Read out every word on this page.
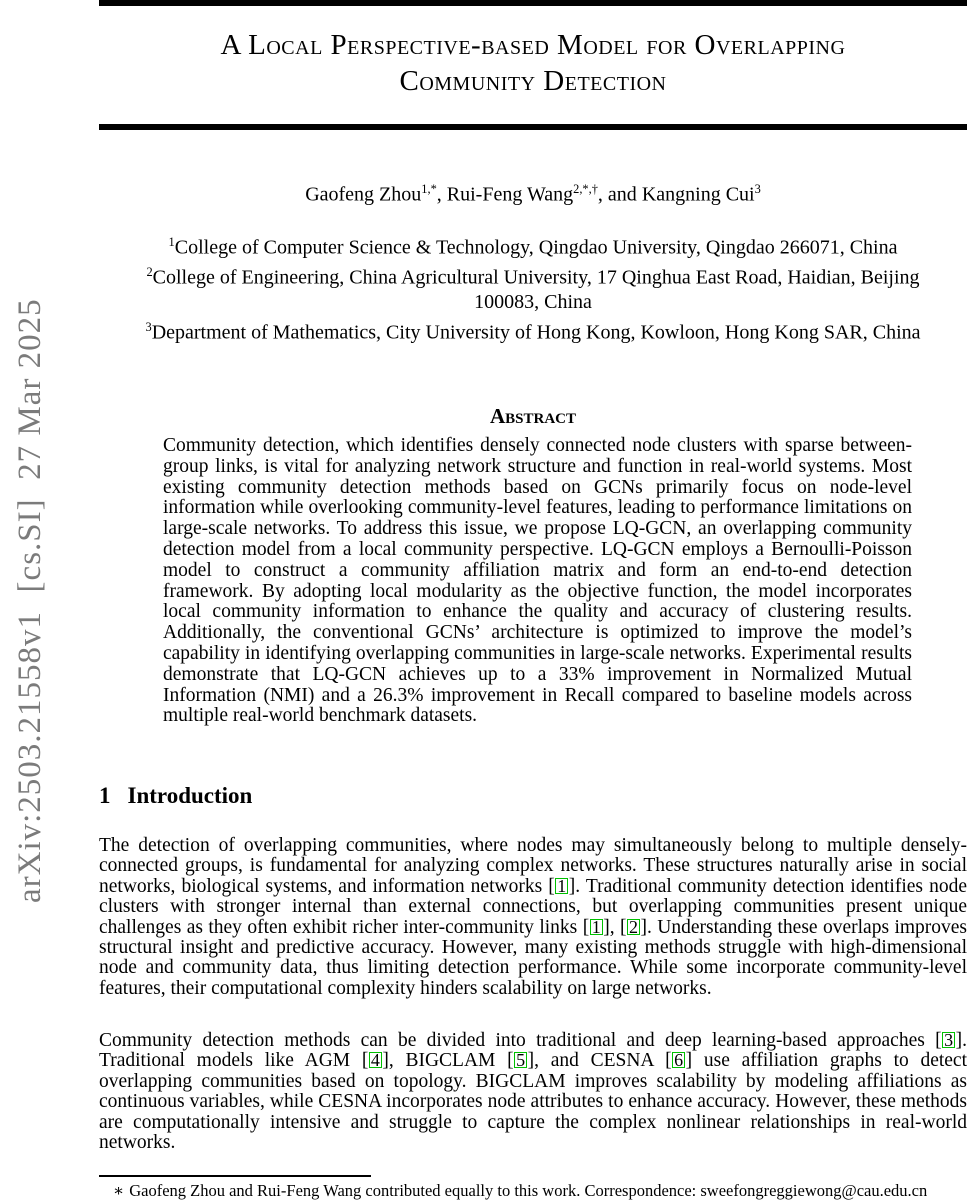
arXiv:2503.21558v1  [cs.SI]  27 Mar 2025
A Local Perspective-based Model for Overlapping
Community Detection
Gaofeng Zhou$^{1,*}$, Rui-Feng Wang$^{2,*,\dagger}$, and Kangning Cui$^3$
$^1$College of Computer Science & Technology, Qingdao University, Qingdao 266071, China
$^2$College of Engineering, China Agricultural University, 17 Qinghua East Road, Haidian, Beijing
100083, China
$^3$Department of Mathematics, City University of Hong Kong, Kowloon, Hong Kong SAR, China
Abstract
Community detection, which identifies densely connected node clusters with sparse between-group links, is vital for analyzing network structure and function in real-world systems. Most existing community detection methods based on GCNs primarily focus on node-level information while overlooking community-level features, leading to performance limitations on large-scale networks. To address this issue, we propose LQ-GCN, an overlapping community detection model from a local community perspective. LQ-GCN employs a Bernoulli-Poisson model to construct a community affiliation matrix and form an end-to-end detection framework. By adopting local modularity as the objective function, the model incorporates local community information to enhance the quality and accuracy of clustering results. Additionally, the conventional GCNs’ architecture is optimized to improve the model’s capability in identifying overlapping communities in large-scale networks. Experimental results demonstrate that LQ-GCN achieves up to a 33% improvement in Normalized Mutual Information (NMI) and a 26.3% improvement in Recall compared to baseline models across multiple real-world benchmark datasets.
1 Introduction
The detection of overlapping communities, where nodes may simultaneously belong to multiple densely-connected groups, is fundamental for analyzing complex networks. These structures naturally arise in social networks, biological systems, and information networks [ 1 ]. Traditional community detection identifies node clusters with stronger internal than external connections, but overlapping communities present unique challenges as they often exhibit richer inter-community links [ 1 ], [ 2 ]. Understanding these overlaps improves structural insight and predictive accuracy. However, many existing methods struggle with high-dimensional node and community data, thus limiting detection performance. While some incorporate community-level features, their computational complexity hinders scalability on large networks.
Community detection methods can be divided into traditional and deep learning-based approaches [ 3 ]. Traditional models like AGM [ 4 ], BIGCLAM [ 5 ], and CESNA [ 6 ] use affiliation graphs to detect overlapping communities based on topology. BIGCLAM improves scalability by modeling affiliations as continuous variables, while CESNA incorporates node attributes to enhance accuracy. However, these methods are computationally intensive and struggle to capture the complex nonlinear relationships in real-world networks.
∗ Gaofeng Zhou and Rui-Feng Wang contributed equally to this work. Correspondence: sweefongreggiewong@cau.edu.cn
